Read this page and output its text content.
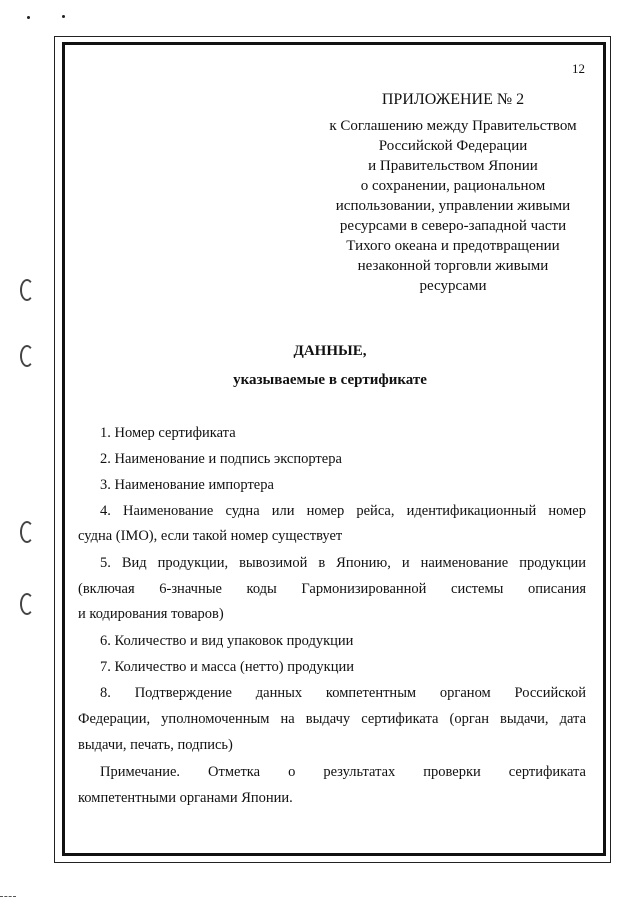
12
ПРИЛОЖЕНИЕ № 2
к Соглашению между Правительством
Российской Федерации
и Правительством Японии
о сохранении, рациональном
использовании, управлении живыми
ресурсами в северо-западной части
Тихого океана и предотвращении
незаконной торговли живыми
ресурсами
ДАННЫЕ,
указываемые в сертификате
1. Номер сертификата
2. Наименование и подпись экспортера
3. Наименование импортера
4. Наименование судна или номер рейса, идентификационный номер
судна (IMO), если такой номер существует
5. Вид продукции, вывозимой в Японию, и наименование продукции
(включая 6-значные коды Гармонизированной системы описания
и кодирования товаров)
6. Количество и вид упаковок продукции
7. Количество и масса (нетто) продукции
8. Подтверждение данных компетентным органом Российской
Федерации, уполномоченным на выдачу сертификата (орган выдачи, дата
выдачи, печать, подпись)
Примечание. Отметка о результатах проверки сертификата
компетентными органами Японии.
